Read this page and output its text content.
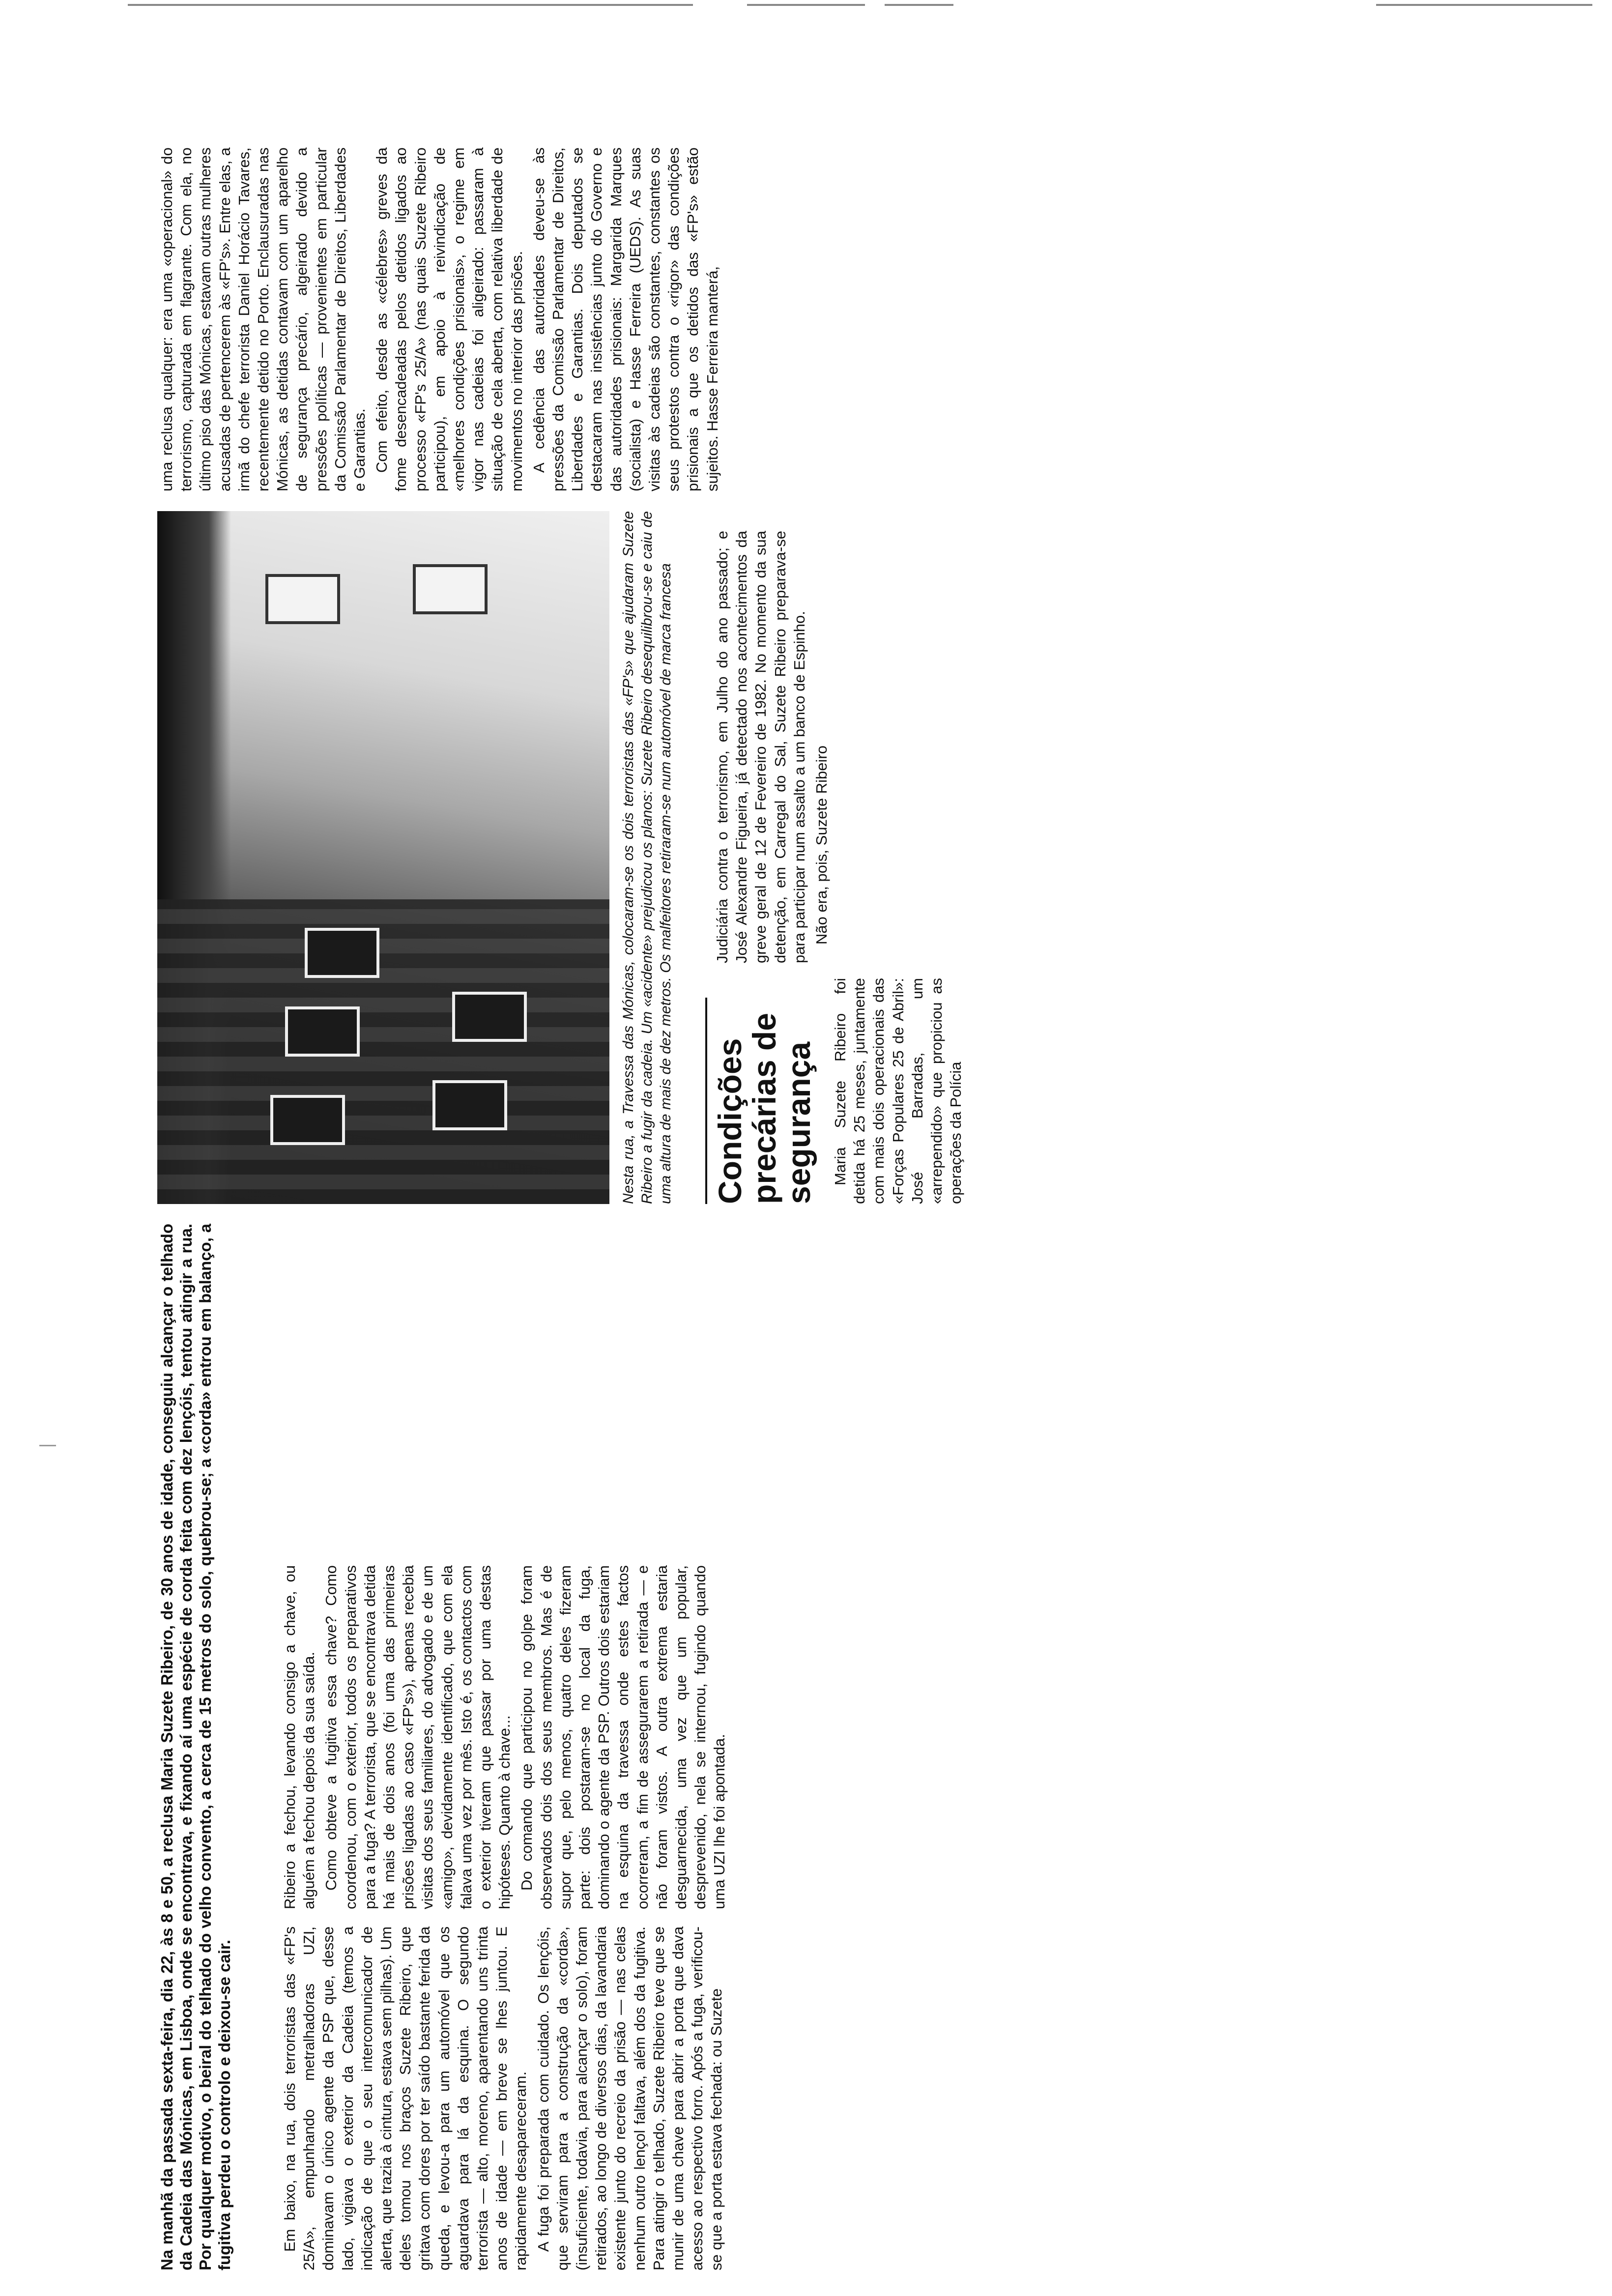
Na manhã da passada sexta-feira, dia 22, às 8 e 50, a reclusa Maria Suzete Ribeiro, de 30 anos de idade, conseguiu alcançar o telhado da Cadeia das Mónicas, em Lisboa, onde se encontrava, e fixando aí uma espécie de corda feita com dez lençóis, tentou atingir a rua. Por qualquer motivo, o beiral do telhado do velho convento, a cerca de 15 metros do solo, quebrou-se; a «corda» entrou em balanço, a fugitiva perdeu o controlo e deixou-se cair.	Em baixo, na rua, dois terroristas das «FP's 25/A», empunhando metralhadoras UZI, dominavam o único agente da PSP que, desse lado, vigiava o exterior da Cadeia (temos a indicação de que o seu intercomunicador de alerta, que trazia à cintura, estava sem pilhas). Um deles tomou nos braços Suzete Ribeiro, que gritava com dores por ter saído bastante ferida da queda, e levou-a para um automóvel que os aguardava para lá da esquina. O segundo terrorista — alto, moreno, aparentando uns trinta anos de idade — em breve se lhes juntou. E rapidamente desapareceram. A fuga foi preparada com cuidado. Os lençóis, que serviram para a construção da «corda», (insuficiente, todavia, para alcançar o solo), foram retirados, ao longo de diversos dias, da lavandaria existente junto do recreio da prisão — nas celas nenhum outro lençol faltava, além dos da fugitiva. Para atingir o telhado, Suzete Ribeiro teve que se munir de uma chave para abrir a porta que dava acesso ao respectivo forro. Após a fuga, verificou-se que a porta estava fechada: ou Suzete

Ribeiro a fechou, levando consigo a chave, ou alguém a fechou depois da sua saída. Como obteve a fugitiva essa chave? Como coordenou, com o exterior, todos os preparativos para a fuga? A terrorista, que se encontrava detida há mais de dois anos (foi uma das primeiras prisões ligadas ao caso «FP's»), apenas recebia visitas dos seus familiares, do advogado e de um «amigo», devidamente identificado, que com ela falava uma vez por mês. Isto é, os contactos com o exterior tiveram que passar por uma destas hipóteses. Quanto à chave... Do comando que participou no golpe foram observados dois dos seus membros. Mas é de supor que, pelo menos, quatro deles fizeram parte: dois postaram-se no local da fuga, dominando o agente da PSP. Outros dois estariam na esquina da travessa onde estes factos ocorreram, a fim de assegurarem a retirada — e não foram vistos. A outra extrema estaria desguarnecida, uma vez que um popular, desprevenido, nela se internou, fugindo quando uma UZI lhe foi apontada.

Nesta rua, a Travessa das Mónicas, colocaram-se os dois terroristas das «FP's» que ajudaram Suzete Ribeiro a fugir da cadeia. Um «acidente» prejudicou os planos: Suzete Ribeiro desequilibrou-se e caiu de uma altura de mais de dez metros. Os malfeitores retiraram-se num automóvel de marca francesa Condições precárias de segurança Maria Suzete Ribeiro foi detida há 25 meses, juntamente com mais dois operacionais das «Forças Populares 25 de Abril»: José Barradas, um «arrependido» que propiciou as operações da Polícia

Judiciária contra o terrorismo, em Julho do ano passado; e José Alexandre Figueira, já detectado nos acontecimentos da greve geral de 12 de Fevereiro de 1982. No momento da sua detenção, em Carregal do Sal, Suzete Ribeiro preparava-se para participar num assalto a um banco de Espinho. Não era, pois, Suzete Ribeiro

uma reclusa qualquer: era uma «operacional» do terrorismo, capturada em flagrante. Com ela, no último piso das Mónicas, estavam outras mulheres acusadas de pertencerem às «FP's». Entre elas, a irmã do chefe terrorista Daniel Horácio Tavares, recentemente detido no Porto. Enclausuradas nas Mónicas, as detidas contavam com um aparelho de segurança precário, algeirado devido a pressões políticas — provenientes em particular da Comissão Parlamentar de Direitos, Liberdades e Garantias. Com efeito, desde as «célebres» greves da fome desencadeadas pelos detidos ligados ao processo «FP's 25/A» (nas quais Suzete Ribeiro participou), em apoio à reivindicação de «melhores condições prisionais», o regime em vigor nas cadeias foi aligeirado: passaram à situação de cela aberta, com relativa liberdade de movimentos no interior das prisões. A cedência das autoridades deveu-se às pressões da Comissão Parlamentar de Direitos, Liberdades e Garantias. Dois deputados se destacaram nas insistências junto do Governo e das autoridades prisionais: Margarida Marques (socialista) e Hasse Ferreira (UEDS). As suas visitas às cadeias são constantes, constantes os seus protestos contra o «rigor» das condições prisionais a que os detidos das «FP's» estão sujeitos. Hasse Ferreira manterá,
